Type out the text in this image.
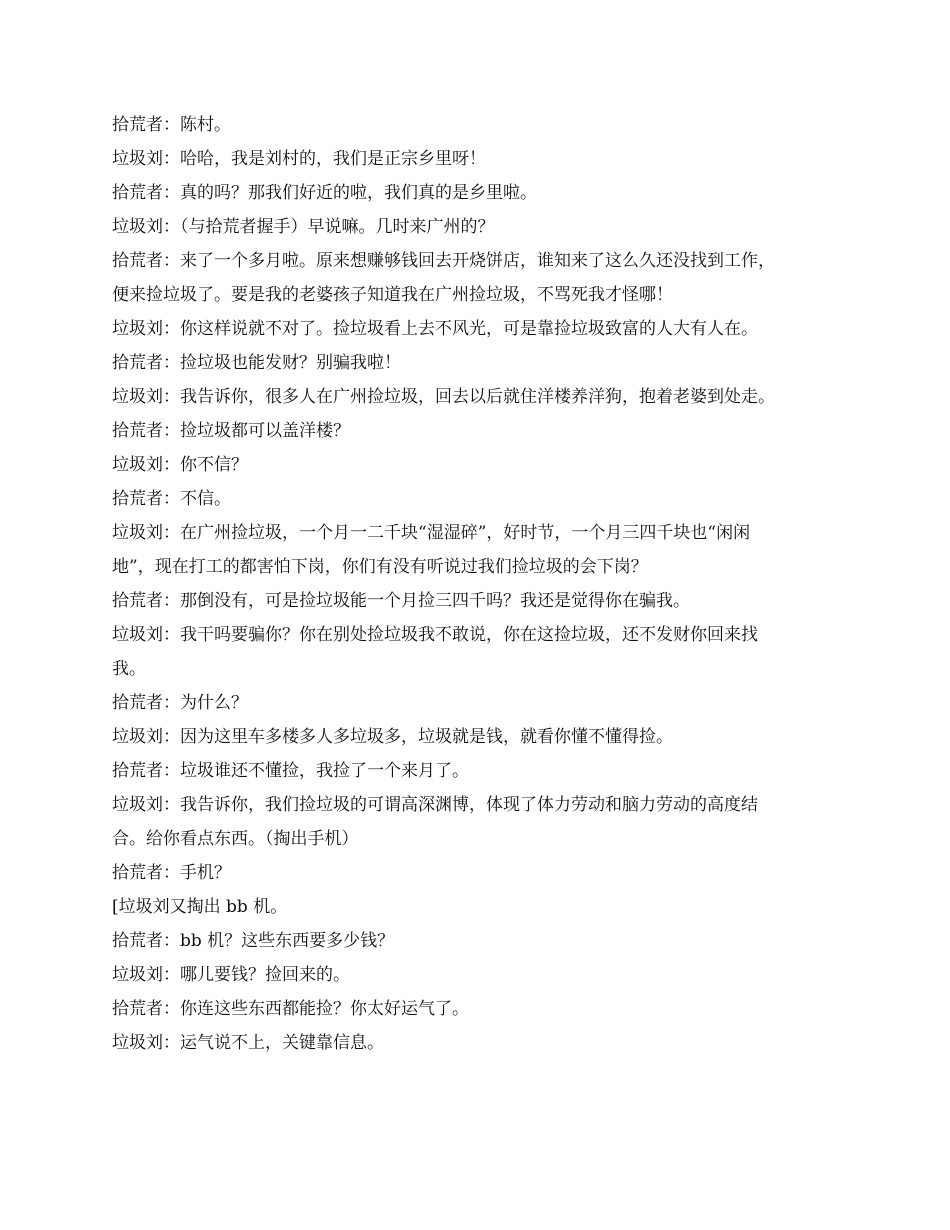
拾荒者：陈村。

垃圾刘：哈哈，我是刘村的，我们是正宗乡里呀！

拾荒者：真的吗？那我们好近的啦，我们真的是乡里啦。

垃圾刘：（与拾荒者握手）早说嘛。几时来广州的？

拾荒者：来了一个多月啦。原来想赚够钱回去开烧饼店，谁知来了这么久还没找到工作，

便来捡垃圾了。要是我的老婆孩子知道我在广州捡垃圾，不骂死我才怪哪！

垃圾刘：你这样说就不对了。捡垃圾看上去不风光，可是靠捡垃圾致富的人大有人在。

拾荒者：捡垃圾也能发财？别骗我啦！

垃圾刘：我告诉你，很多人在广州捡垃圾，回去以后就住洋楼养洋狗，抱着老婆到处走。

拾荒者：捡垃圾都可以盖洋楼？

垃圾刘：你不信？

拾荒者：不信。

垃圾刘：在广州捡垃圾，一个月一二千块“湿湿碎”，好时节，一个月三四千块也“闲闲

地”，现在打工的都害怕下岗，你们有没有听说过我们捡垃圾的会下岗？

拾荒者：那倒没有，可是捡垃圾能一个月捡三四千吗？我还是觉得你在骗我。

垃圾刘：我干吗要骗你？你在别处捡垃圾我不敢说，你在这捡垃圾，还不发财你回来找

我。

拾荒者：为什么？

垃圾刘：因为这里车多楼多人多垃圾多，垃圾就是钱，就看你懂不懂得捡。

拾荒者：垃圾谁还不懂捡，我捡了一个来月了。

垃圾刘：我告诉你，我们捡垃圾的可谓高深渊博，体现了体力劳动和脑力劳动的高度结

合。给你看点东西。（掏出手机）

拾荒者：手机？

[垃圾刘又掏出 bb 机。

拾荒者：bb 机？这些东西要多少钱？

垃圾刘：哪儿要钱？捡回来的。

拾荒者：你连这些东西都能捡？你太好运气了。

垃圾刘：运气说不上，关键靠信息。
